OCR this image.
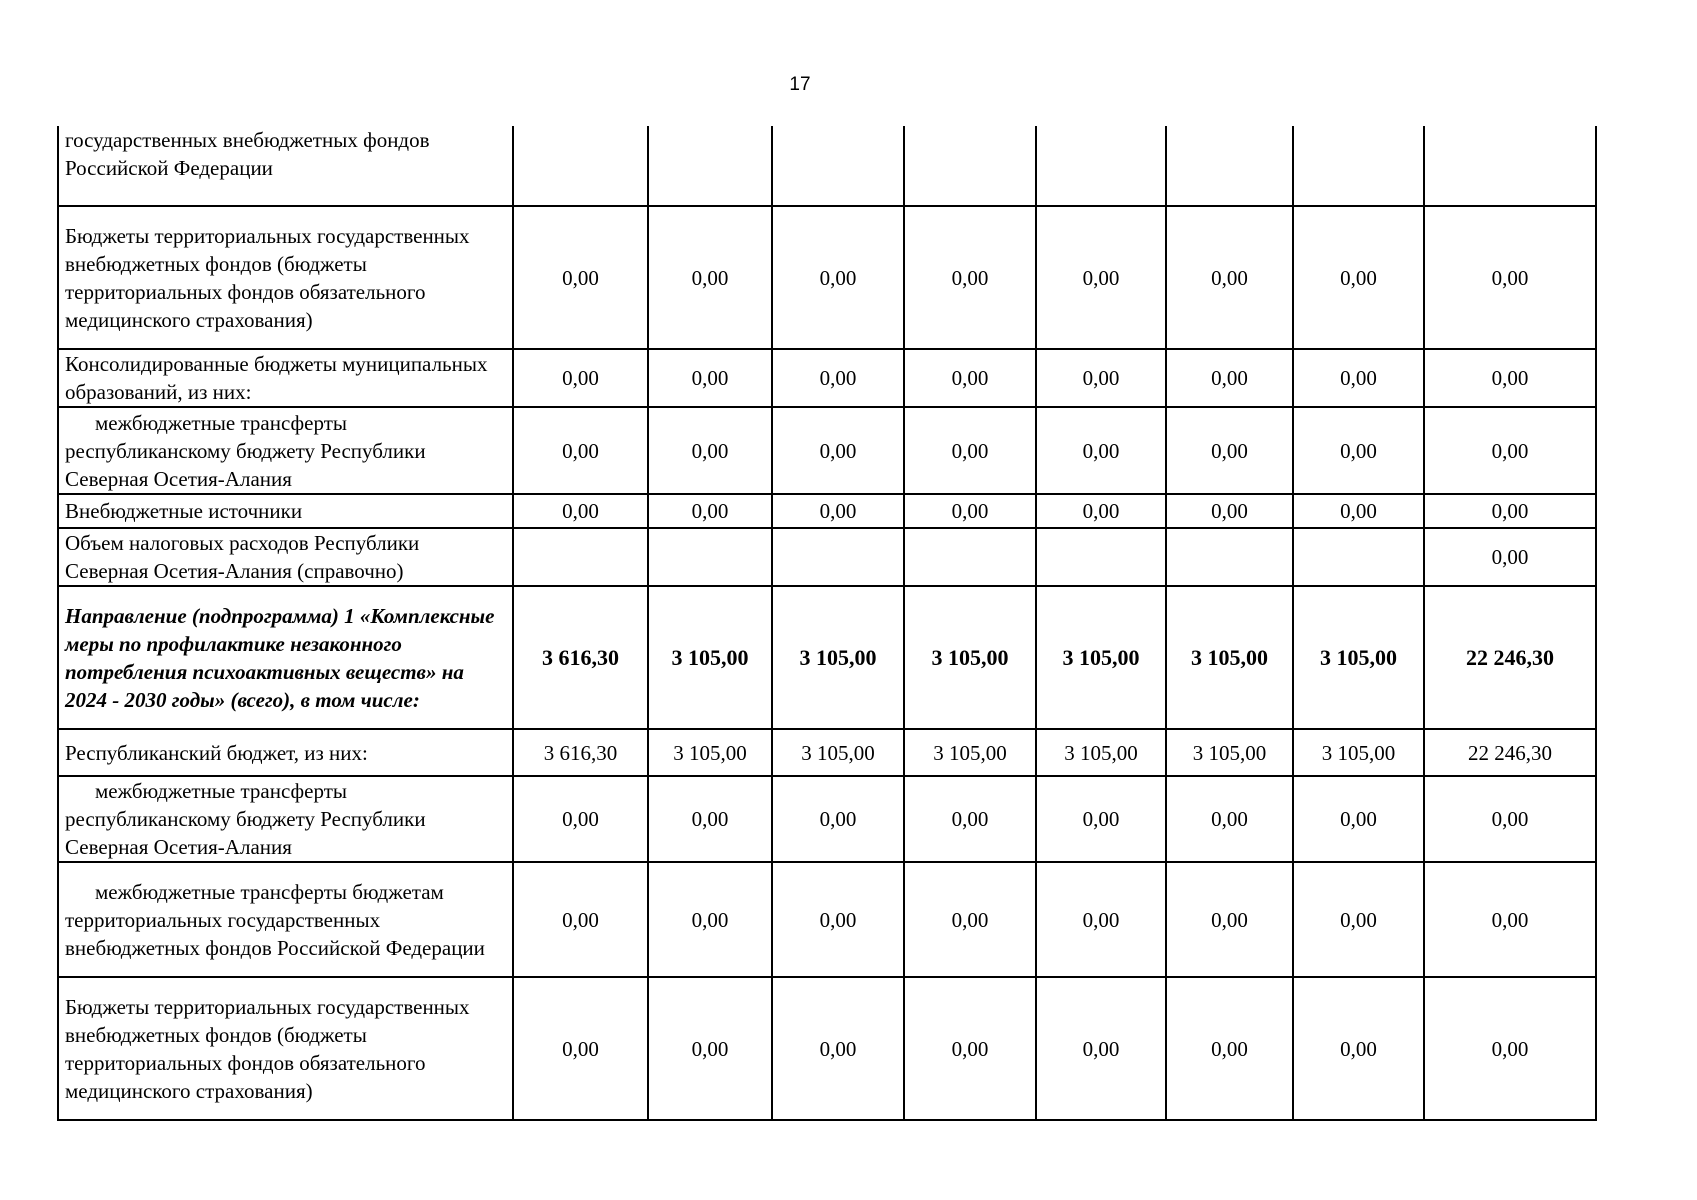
17
государственных внебюджетных фондов Российской Федерации								
Бюджеты территориальных государственных внебюджетных фондов (бюджеты территориальных фондов обязательного медицинского страхования)	0,00	0,00	0,00	0,00	0,00	0,00	0,00	0,00
Консолидированные бюджеты муниципальных образований, из них:	0,00	0,00	0,00	0,00	0,00	0,00	0,00	0,00
межбюджетные трансферты республиканскому бюджету Республики Северная Осетия-Алания	0,00	0,00	0,00	0,00	0,00	0,00	0,00	0,00
Внебюджетные источники	0,00	0,00	0,00	0,00	0,00	0,00	0,00	0,00
Объем налоговых расходов Республики Северная Осетия-Алания (справочно)								0,00
Направление (подпрограмма) 1 «Комплексные меры по профилактике незаконного потребления психоактивных веществ» на 2024 - 2030 годы» (всего), в том числе:	3 616,30	3 105,00	3 105,00	3 105,00	3 105,00	3 105,00	3 105,00	22 246,30
Республиканский бюджет, из них:	3 616,30	3 105,00	3 105,00	3 105,00	3 105,00	3 105,00	3 105,00	22 246,30
межбюджетные трансферты республиканскому бюджету Республики Северная Осетия-Алания	0,00	0,00	0,00	0,00	0,00	0,00	0,00	0,00
межбюджетные трансферты бюджетам территориальных государственных внебюджетных фондов Российской Федерации	0,00	0,00	0,00	0,00	0,00	0,00	0,00	0,00
Бюджеты территориальных государственных внебюджетных фондов (бюджеты территориальных фондов обязательного медицинского страхования)	0,00	0,00	0,00	0,00	0,00	0,00	0,00	0,00
